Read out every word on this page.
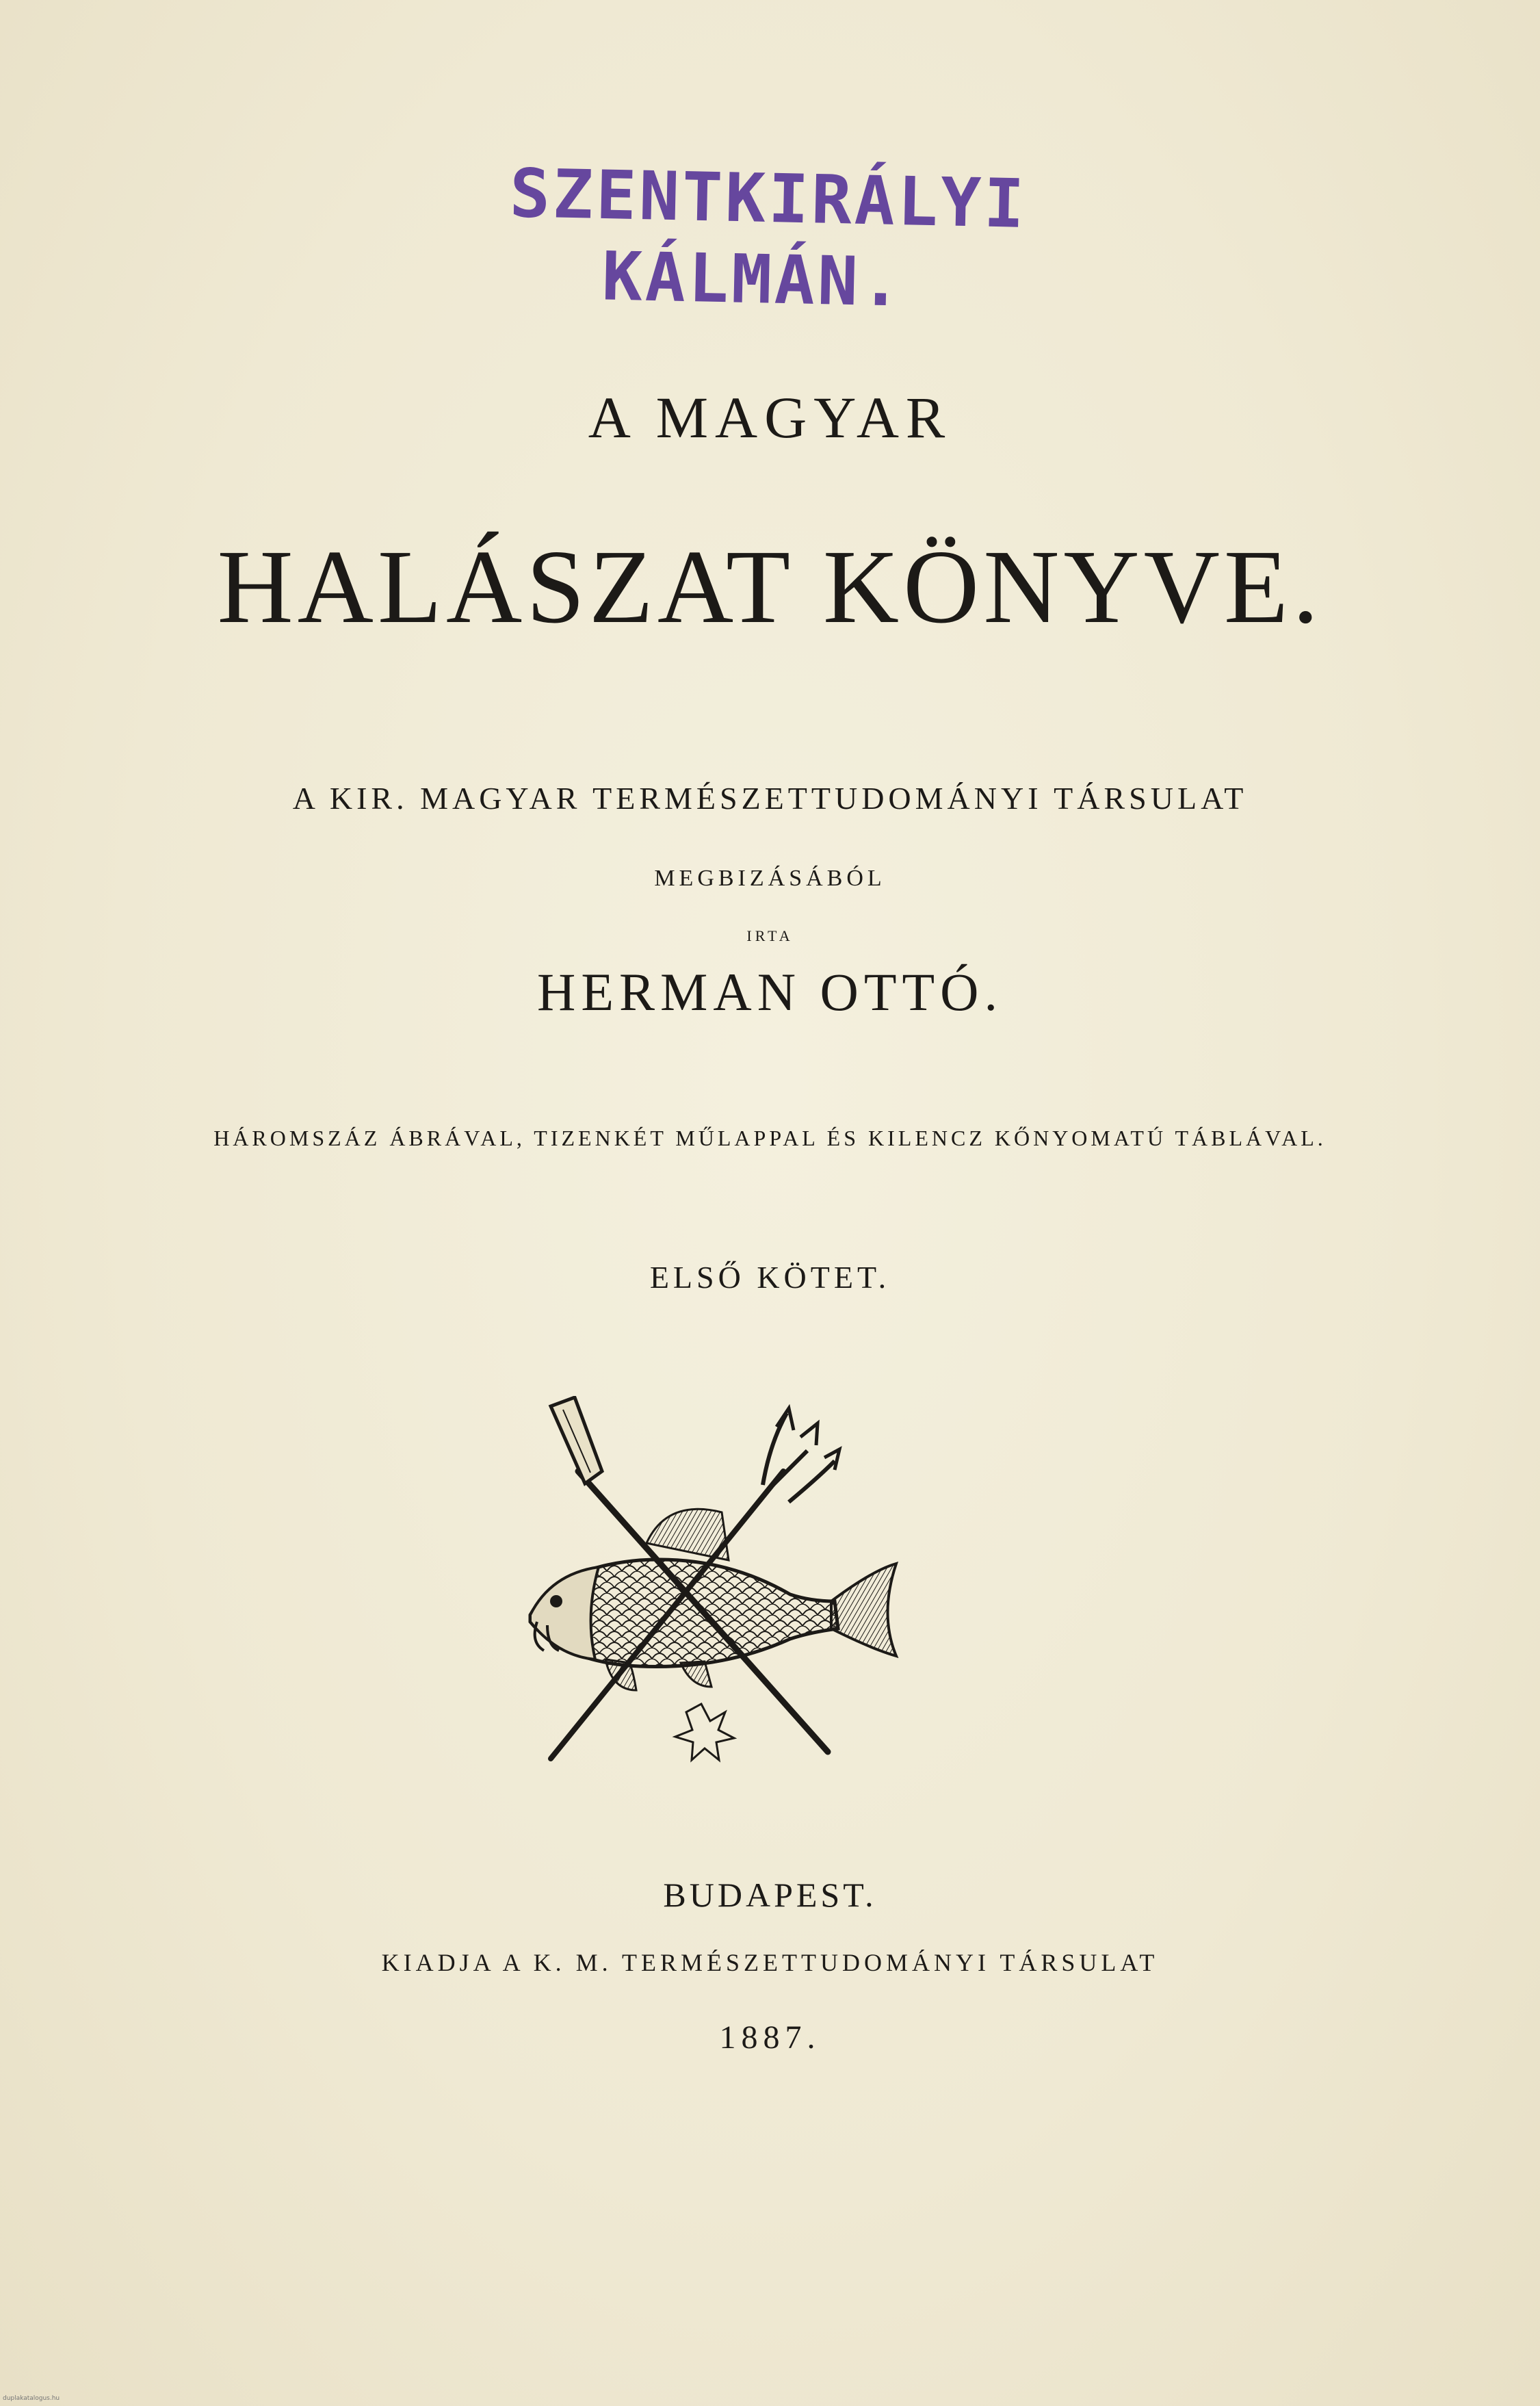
SZENTKIRÁLYI
KÁLMÁN.
A MAGYAR
HALÁSZAT KÖNYVE.
A KIR. MAGYAR TERMÉSZETTUDOMÁNYI TÁRSULAT
MEGBIZÁSÁBÓL
IRTA
HERMAN OTTÓ.
HÁROMSZÁZ ÁBRÁVAL, TIZENKÉT MŰLAPPAL ÉS KILENCZ KŐNYOMATÚ TÁBLÁVAL.
ELSŐ KÖTET.
BUDAPEST.
KIADJA A K. M. TERMÉSZETTUDOMÁNYI TÁRSULAT
1887.
duplakatalogus.hu
